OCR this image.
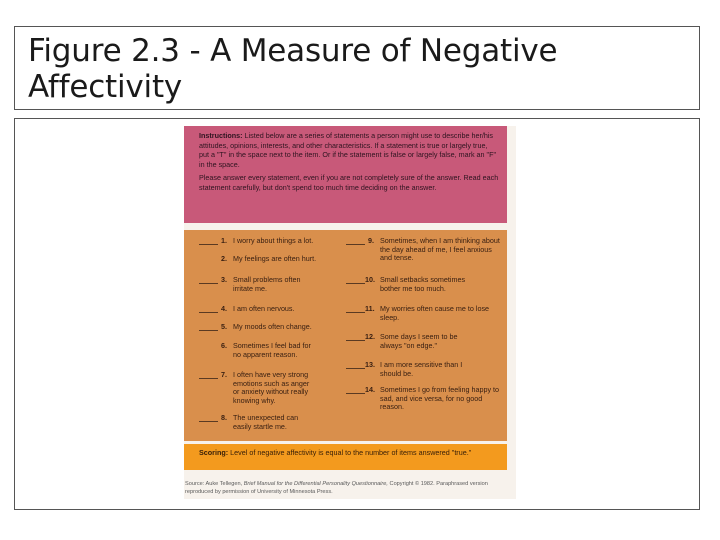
Figure 2.3 - A Measure of Negative Affectivity

Instructions: Listed below are a series of statements a person might use to describe her/his attitudes, opinions, interests, and other characteristics. If a statement is true or largely true, put a "T" in the space next to the item. Or if the statement is false or largely false, mark an "F" in the space.

Please answer every statement, even if you are not completely sure of the answer. Read each statement carefully, but don't spend too much time deciding on the answer.

1. I worry about things a lot.
2. My feelings are often hurt.
3. Small problems often irritate me.
4. I am often nervous.
5. My moods often change.
6. Sometimes I feel bad for no apparent reason.
7. I often have very strong emotions such as anger or anxiety without really knowing why.
8. The unexpected can easily startle me.
9. Sometimes, when I am thinking about the day ahead of me, I feel anxious and tense.
10. Small setbacks sometimes bother me too much.
11. My worries often cause me to lose sleep.
12. Some days I seem to be always "on edge."
13. I am more sensitive than I should be.
14. Sometimes I go from feeling happy to sad, and vice versa, for no good reason.
Scoring: Level of negative affectivity is equal to the number of items answered "true."
Source: Auke Tellegen, Brief Manual for the Differential Personality Questionnaire, Copyright © 1982. Paraphrased version reproduced by permission of University of Minnesota Press.
